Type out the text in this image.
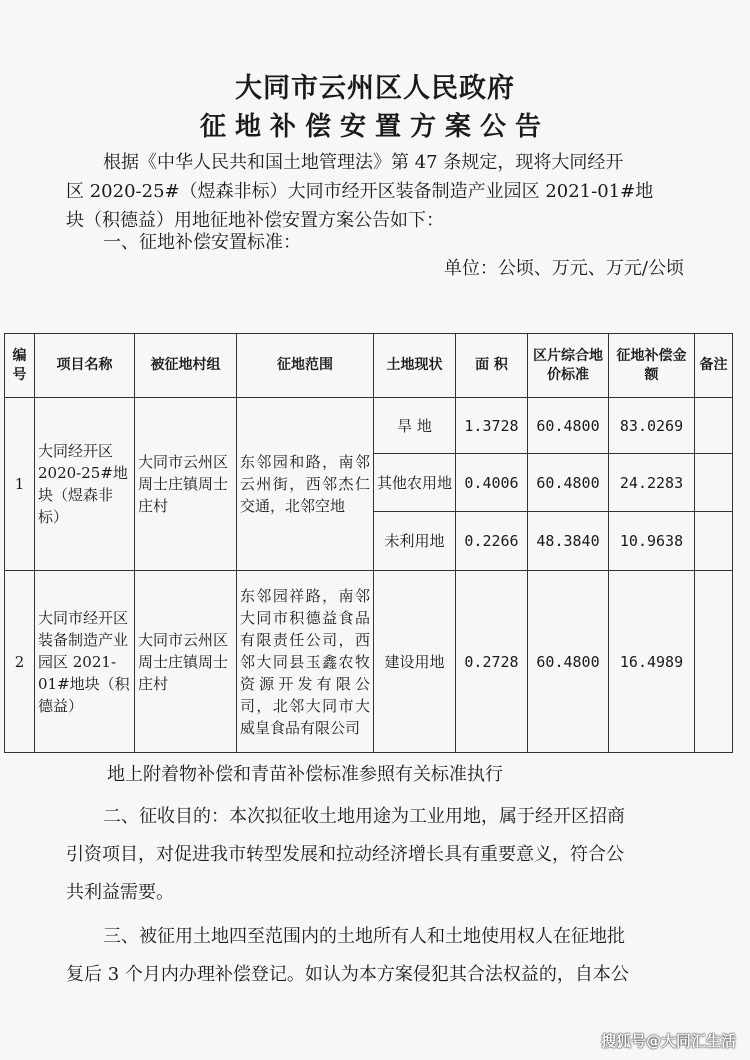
大同市云州区人民政府
征地补偿安置方案公告
根据《中华人民共和国土地管理法》第 47 条规定，现将大同经开
区 2020-25#（煜森非标）大同市经开区装备制造产业园区 2021-01#地
块（积德益）用地征地补偿安置方案公告如下：
一、征地补偿安置标准：
单位：公顷、万元、万元/公顷
编号	项目名称	被征地村组	征地范围	土地现状	面 积	区片综合地价标准	征地补偿金额	备注
1	大同经开区 2020-25#地块（煜森非标）	大同市云州区周士庄镇周士庄村	东邻园和路，南邻云州街，西邻杰仁交通，北邻空地	旱 地	1.3728	60.4800	83.0269	
				其他农用地	0.4006	60.4800	24.2283	
				未利用地	0.2266	48.3840	10.9638	
2	大同市经开区装备制造产业园区 2021-01#地块（积德益）	大同市云州区周士庄镇周士庄村	东邻园祥路，南邻大同市积德益食品有限责任公司，西邻大同县玉鑫农牧资源开发有限公司，北邻大同市大威皇食品有限公司	建设用地	0.2728	60.4800	16.4989	
地上附着物补偿和青苗补偿标准参照有关标准执行
二、征收目的：本次拟征收土地用途为工业用地，属于经开区招商
引资项目，对促进我市转型发展和拉动经济增长具有重要意义，符合公
共利益需要。
三、被征用土地四至范围内的土地所有人和土地使用权人在征地批
复后 3 个月内办理补偿登记。如认为本方案侵犯其合法权益的，自本公
搜狐号@大同汇生活
